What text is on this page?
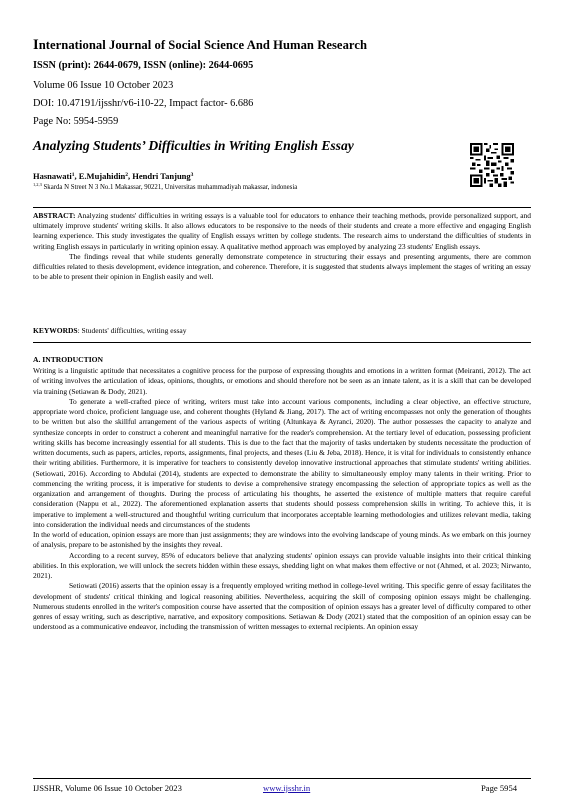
International Journal of Social Science And Human Research
ISSN (print): 2644-0679, ISSN (online): 2644-0695
Volume 06 Issue 10 October 2023
DOI: 10.47191/ijsshr/v6-i10-22, Impact factor- 6.686
Page No: 5954-5959
Analyzing Students’ Difficulties in Writing English Essay
Hasnawati$^1$, E.Mujahidin$^2$, Hendri Tanjung$^3$
$^{1,2,3}$ Skarda N Street N 3 No.1 Makassar, 90221, Universitas muhammadiyah makassar, indonesia

ABSTRACT: Analyzing students' difficulties in writing essays is a valuable tool for educators to enhance their teaching methods, provide personalized support, and ultimately improve students' writing skills. It also allows educators to be responsive to the needs of their students and create a more effective and engaging English learning experience. This study investigates the quality of English essays written by college students. The research aims to understand the difficulties of students in writing English essays in particularly in writing opinion essay. A qualitative method approach was employed by analyzing 23 students' English essays.

The findings reveal that while students generally demonstrate competence in structuring their essays and presenting arguments, there are common difficulties related to thesis development, evidence integration, and coherence. Therefore, it is suggested that students always implement the stages of writing an essay to be able to present their opinion in English easily and well.

KEYWORDS: Students' difficulties, writing essay
A. INTRODUCTION

Writing is a linguistic aptitude that necessitates a cognitive process for the purpose of expressing thoughts and emotions in a written format (Meiranti, 2012). The act of writing involves the articulation of ideas, opinions, thoughts, or emotions and should therefore not be seen as an innate talent, as it is a skill that can be developed via training (Setiawan & Dody, 2021).

To generate a well-crafted piece of writing, writers must take into account various components, including a clear objective, an effective structure, appropriate word choice, proficient language use, and coherent thoughts (Hyland & Jiang, 2017). The act of writing encompasses not only the generation of thoughts to be written but also the skillful arrangement of the various aspects of writing (Altunkaya & Ayranci, 2020). The author possesses the capacity to analyze and synthesize concepts in order to construct a coherent and meaningful narrative for the reader's comprehension. At the tertiary level of education, possessing proficient writing skills has become increasingly essential for all students. This is due to the fact that the majority of tasks undertaken by students necessitate the production of written documents, such as papers, articles, reports, assignments, final projects, and theses (Liu & Jeba, 2018). Hence, it is vital for individuals to consistently enhance their writing abilities. Furthermore, it is imperative for teachers to consistently develop innovative instructional approaches that stimulate students' writing abilities. (Setiowati, 2016). According to Abdulai (2014), students are expected to demonstrate the ability to simultaneously employ many talents in their writing. Prior to commencing the writing process, it is imperative for students to devise a comprehensive strategy encompassing the selection of appropriate topics as well as the organization and arrangement of thoughts. During the process of articulating his thoughts, he asserted the existence of multiple matters that require careful consideration (Nappu et al., 2022). The aforementioned explanation asserts that students should possess comprehension skills in writing. To achieve this, it is imperative to implement a well-structured and thoughtful writing curriculum that incorporates acceptable learning methodologies and utilizes relevant media, taking into consideration the individual needs and circumstances of the students

In the world of education, opinion essays are more than just assignments; they are windows into the evolving landscape of young minds. As we embark on this journey of analysis, prepare to be astonished by the insights they reveal.

According to a recent survey, 85% of educators believe that analyzing students' opinion essays can provide valuable insights into their critical thinking abilities. In this exploration, we will unlock the secrets hidden within these essays, shedding light on what makes them effective or not (Ahmed, et al. 2023; Nirwanto, 2021).

Setiowati (2016) asserts that the opinion essay is a frequently employed writing method in college-level writing. This specific genre of essay facilitates the development of students' critical thinking and logical reasoning abilities. Nevertheless, acquiring the skill of composing opinion essays might be challenging. Numerous students enrolled in the writer's composition course have asserted that the composition of opinion essays has a greater level of difficulty compared to other genres of essay writing, such as descriptive, narrative, and expository compositions. Setiawan & Dody (2021) stated that the composition of an opinion essay can be understood as a communicative endeavor, including the transmission of written messages to external recipients. An opinion essay

IJSSHR, Volume 06 Issue 10 October 2023	www.ijsshr.in	Page 5954
